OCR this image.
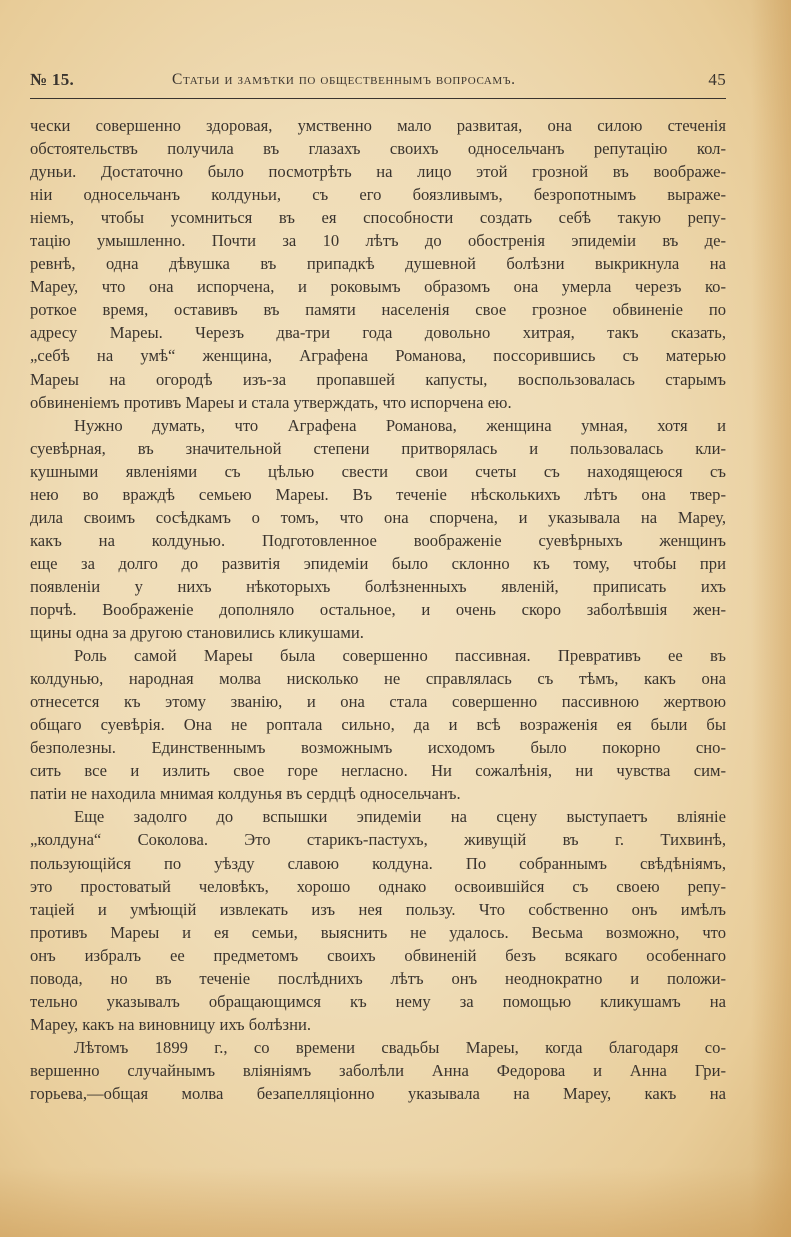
№ 15.	Статьи и замѣтки по общественнымъ вопросамъ.	45
чески совершенно здоровая, умственно мало развитая, она силою стеченія
обстоятельствъ получила въ глазахъ своихъ односельчанъ репутацію кол-
дуньи. Достаточно было посмотрѣть на лицо этой грозной въ воображе-
ніи односельчанъ колдуньи, съ его боязливымъ, безропотнымъ выраже-
ніемъ, чтобы усомниться въ ея способности создать себѣ такую репу-
тацію умышленно. Почти за 10 лѣтъ до обостренія эпидеміи въ де-
ревнѣ, одна дѣвушка въ припадкѣ душевной болѣзни выкрикнула на
Мареу, что она испорчена, и роковымъ образомъ она умерла черезъ ко-
роткое время, оставивъ въ памяти населенія свое грозное обвиненіе по
адресу Мареы. Черезъ два-три года довольно хитрая, такъ сказать,
„себѣ на умѣ“ женщина, Аграфена Романова, поссорившись съ матерью
Мареы на огородѣ изъ-за пропавшей капусты, воспользовалась старымъ
обвиненіемъ противъ Мареы и стала утверждать, что испорчена ею.
Нужно думать, что Аграфена Романова, женщина умная, хотя и
суевѣрная, въ значительной степени притворялась и пользовалась кли-
кушными явленіями съ цѣлью свести свои счеты съ находящеюся съ
нею во враждѣ семьею Мареы. Въ теченіе нѣсколькихъ лѣтъ она твер-
дила своимъ сосѣдкамъ о томъ, что она спорчена, и указывала на Мареу,
какъ на колдунью. Подготовленное воображеніе суевѣрныхъ женщинъ
еще за долго до развитія эпидеміи было склонно къ тому, чтобы при
появленіи у нихъ нѣкоторыхъ болѣзненныхъ явленій, приписать ихъ
порчѣ. Воображеніе дополняло остальное, и очень скоро заболѣвшія жен-
щины одна за другою становились кликушами.
Роль самой Мареы была совершенно пассивная. Превративъ ее въ
колдунью, народная молва нисколько не справлялась съ тѣмъ, какъ она
отнесется къ этому званію, и она стала совершенно пассивною жертвою
общаго суевѣрія. Она не роптала сильно, да и всѣ возраженія ея были бы
безполезны. Единственнымъ возможнымъ исходомъ было покорно сно-
сить все и излить свое горе негласно. Ни сожалѣнія, ни чувства сим-
патіи не находила мнимая колдунья въ сердцѣ односельчанъ.
Еще задолго до вспышки эпидеміи на сцену выступаетъ вліяніе
„колдуна“ Соколова. Это старикъ-пастухъ, живущій въ г. Тихвинѣ,
пользующійся по уѣзду славою колдуна. По собраннымъ свѣдѣніямъ,
это простоватый человѣкъ, хорошо однако освоившійся съ своею репу-
таціей и умѣющій извлекать изъ нея пользу. Что собственно онъ имѣлъ
противъ Мареы и ея семьи, выяснить не удалось. Весьма возможно, что
онъ избралъ ее предметомъ своихъ обвиненій безъ всякаго особеннаго
повода, но въ теченіе послѣднихъ лѣтъ онъ неоднократно и положи-
тельно указывалъ обращающимся къ нему за помощью кликушамъ на
Мареу, какъ на виновницу ихъ болѣзни.
Лѣтомъ 1899 г., со времени свадьбы Мареы, когда благодаря со-
вершенно случайнымъ вліяніямъ заболѣли Анна Федорова и Анна Гри-
горьева,—общая молва безапелляціонно указывала на Мареу, какъ на
